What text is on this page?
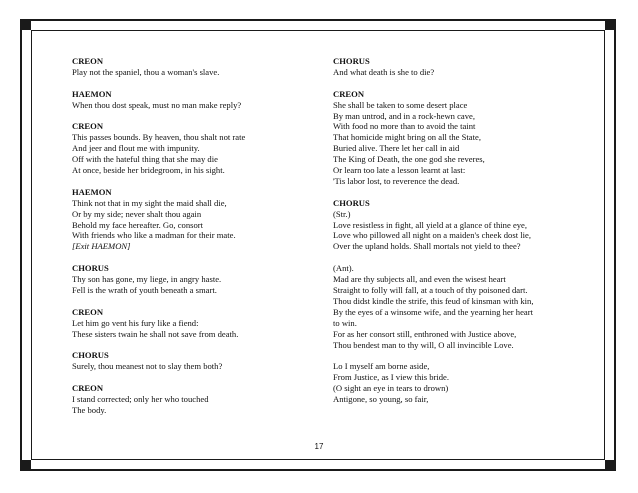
CREON
Play not the spaniel, thou a woman's slave.
HAEMON
When thou dost speak, must no man make reply?
CREON
This passes bounds. By heaven, thou shalt not rate
And jeer and flout me with impunity.
Off with the hateful thing that she may die
At once, beside her bridegroom, in his sight.
HAEMON
Think not that in my sight the maid shall die,
Or by my side; never shalt thou again
Behold my face hereafter. Go, consort
With friends who like a madman for their mate.
[Exit HAEMON]
CHORUS
Thy son has gone, my liege, in angry haste.
Fell is the wrath of youth beneath a smart.
CREON
Let him go vent his fury like a fiend:
These sisters twain he shall not save from death.
CHORUS
Surely, thou meanest not to slay them both?
CREON
I stand corrected; only her who touched
The body.
CHORUS
And what death is she to die?
CREON
She shall be taken to some desert place
By man untrod, and in a rock-hewn cave,
With food no more than to avoid the taint
That homicide might bring on all the State,
Buried alive. There let her call in aid
The King of Death, the one god she reveres,
Or learn too late a lesson learnt at last:
'Tis labor lost, to reverence the dead.
CHORUS
(Str.)
Love resistless in fight, all yield at a glance of thine eye,
Love who pillowed all night on a maiden's cheek dost lie,
Over the upland holds. Shall mortals not yield to thee?
(Ant).
Mad are thy subjects all, and even the wisest heart
Straight to folly will fall, at a touch of thy poisoned dart.
Thou didst kindle the strife, this feud of kinsman with kin,
By the eyes of a winsome wife, and the yearning her heart
to win.
For as her consort still, enthroned with Justice above,
Thou bendest man to thy will, O all invincible Love.
Lo I myself am borne aside,
From Justice, as I view this bride.
(O sight an eye in tears to drown)
Antigone, so young, so fair,
17
